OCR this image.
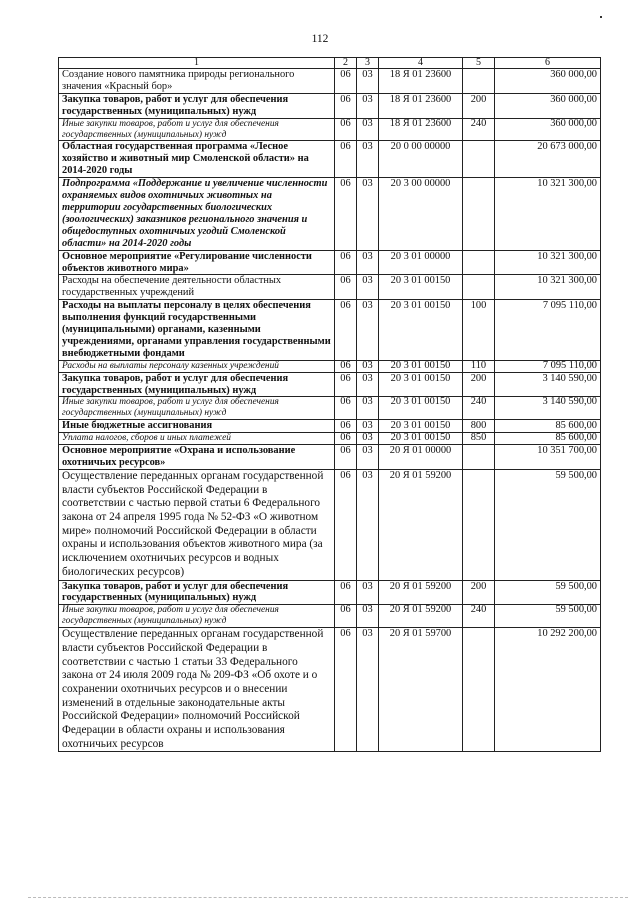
112
1	2	3	4	5	6
Создание нового памятника природы регионального значения «Красный бор»	06	03	18 Я 01 23600		360 000,00
Закупка товаров, работ и услуг для обеспечения государственных (муниципальных) нужд	06	03	18 Я 01 23600	200	360 000,00
Иные закупки товаров, работ и услуг для обеспечения государственных (муниципальных) нужд	06	03	18 Я 01 23600	240	360 000,00
Областная государственная программа «Лесное хозяйство и животный мир Смоленской области» на 2014-2020 годы	06	03	20 0 00 00000		20 673 000,00
Подпрограмма «Поддержание и увеличение численности охраняемых видов охотничьих животных на территории государственных биологических (зоологических) заказников регионального значения и общедоступных охотничьих угодий Смоленской области» на 2014-2020 годы	06	03	20 3 00 00000		10 321 300,00
Основное мероприятие «Регулирование численности объектов животного мира»	06	03	20 3 01 00000		10 321 300,00
Расходы на обеспечение деятельности областных государственных учреждений	06	03	20 3 01 00150		10 321 300,00
Расходы на выплаты персоналу в целях обеспечения выполнения функций государственными (муниципальными) органами, казенными учреждениями, органами управления государственными внебюджетными фондами	06	03	20 3 01 00150	100	7 095 110,00
Расходы на выплаты персоналу казенных учреждений	06	03	20 3 01 00150	110	7 095 110,00
Закупка товаров, работ и услуг для обеспечения государственных (муниципальных) нужд	06	03	20 3 01 00150	200	3 140 590,00
Иные закупки товаров, работ и услуг для обеспечения государственных (муниципальных) нужд	06	03	20 3 01 00150	240	3 140 590,00
Иные бюджетные ассигнования	06	03	20 3 01 00150	800	85 600,00
Уплата налогов, сборов и иных платежей	06	03	20 3 01 00150	850	85 600,00
Основное мероприятие «Охрана и использование охотничьих ресурсов»	06	03	20 Я 01 00000		10 351 700,00
Осуществление переданных органам государственной власти субъектов Российской Федерации в соответствии с частью первой статьи 6 Федерального закона от 24 апреля 1995 года № 52-ФЗ «О животном мире» полномочий Российской Федерации в области охраны и использования объектов животного мира (за исключением охотничьих ресурсов и водных биологических ресурсов)	06	03	20 Я 01 59200		59 500,00
Закупка товаров, работ и услуг для обеспечения государственных (муниципальных) нужд	06	03	20 Я 01 59200	200	59 500,00
Иные закупки товаров, работ и услуг для обеспечения государственных (муниципальных) нужд	06	03	20 Я 01 59200	240	59 500,00
Осуществление переданных органам государственной власти субъектов Российской Федерации в соответствии с частью 1 статьи 33 Федерального закона от 24 июля 2009 года № 209-ФЗ «Об охоте и о сохранении охотничьих ресурсов и о внесении изменений в отдельные законодательные акты Российской Федерации» полномочий Российской Федерации в области охраны и использования охотничьих ресурсов	06	03	20 Я 01 59700		10 292 200,00
